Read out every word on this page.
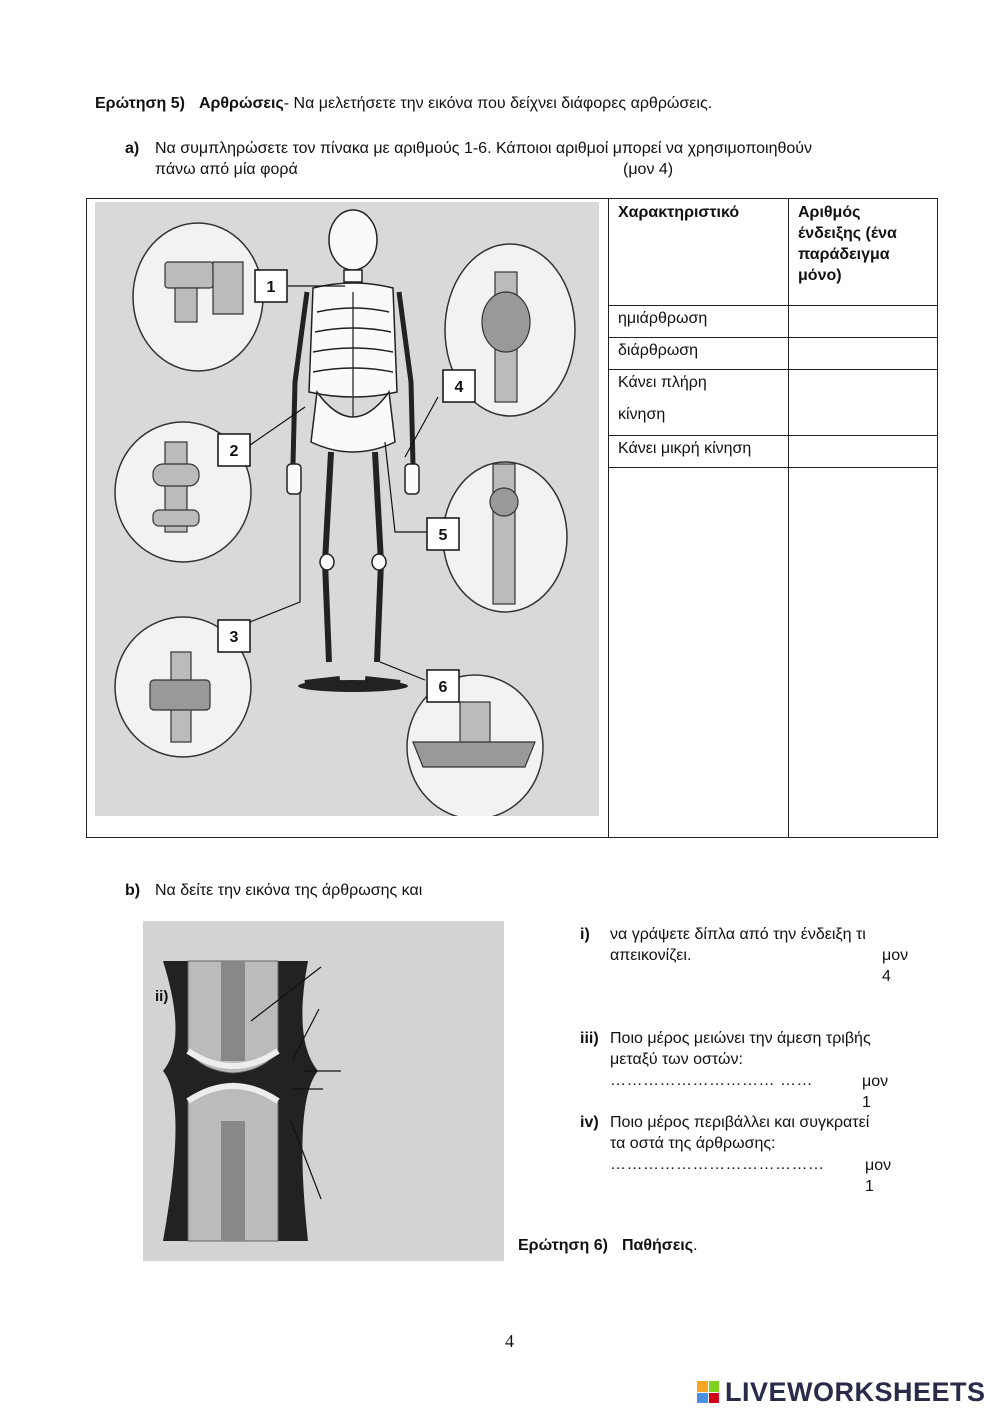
Ερώτηση 5) Αρθρώσεις- Να μελετήσετε την εικόνα που δείχνει διάφορες αρθρώσεις.
a) Να συμπληρώσετε τον πίνακα με αριθμούς 1-6. Κάποιοι αριθμοί μπορεί να χρησιμοποιηθούν
πάνω από μία φορά	(μον 4)
Χαρακτηριστικό	Αριθμός
ένδειξης (ένα
παράδειγμα
μόνο)
ημιάρθρωση
διάρθρωση
Κάνει πλήρη
κίνηση
Κάνει μικρή κίνηση
1
4
2
5
3
6
b) Να δείτε την εικόνα της άρθρωσης και
ii)
i) να γράψετε δίπλα από την ένδειξη τι
απεικονίζει.	μον 4
iii) Ποιο μέρος μειώνει την άμεση τριβής
μεταξύ των οστών:
………………………… ……	μον 1
iv) Ποιο μέρος περιβάλλει και συγκρατεί
τα οστά της άρθρωσης:
…………………………………	μον 1
Ερώτηση 6) Παθήσεις.
4
LIVEWORKSHEETS
